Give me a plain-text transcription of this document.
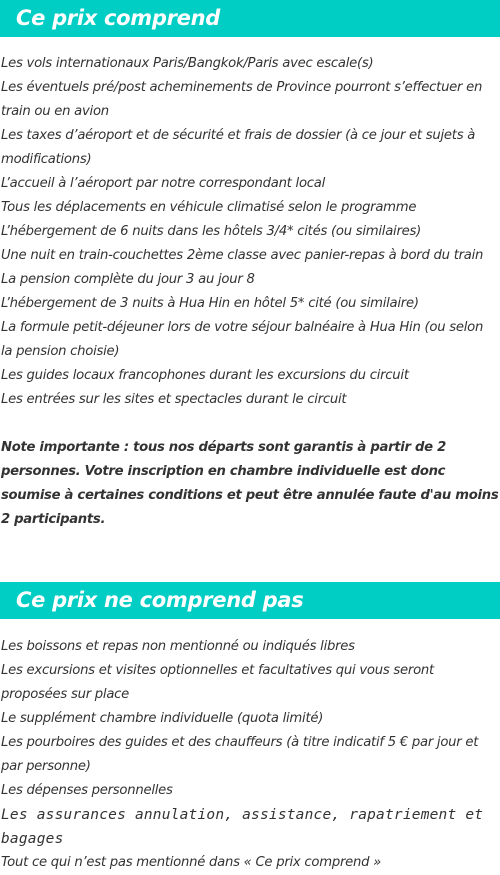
Ce prix comprend
Les vols internationaux Paris/Bangkok/Paris avec escale(s)
Les éventuels pré/post acheminements de Province pourront s’effectuer en train ou en avion
Les taxes d’aéroport et de sécurité et frais de dossier (à ce jour et sujets à modifications)
L’accueil à l’aéroport par notre correspondant local
Tous les déplacements en véhicule climatisé selon le programme
L’hébergement de 6 nuits dans les hôtels 3/4* cités (ou similaires)
Une nuit en train-couchettes 2ème classe avec panier-repas à bord du train
La pension complète du jour 3 au jour 8
L’hébergement de 3 nuits à Hua Hin en hôtel 5* cité (ou similaire)
La formule petit-déjeuner lors de votre séjour balnéaire à Hua Hin (ou selon la pension choisie)
Les guides locaux francophones durant les excursions du circuit
Les entrées sur les sites et spectacles durant le circuit

Note importante : tous nos départs sont garantis à partir de 2 personnes. Votre inscription en chambre individuelle est donc soumise à certaines conditions et peut être annulée faute d'au moins 2 participants.

Ce prix ne comprend pas
Les boissons et repas non mentionné ou indiqués libres
Les excursions et visites optionnelles et facultatives qui vous seront proposées sur place
Le supplément chambre individuelle (quota limité)
Les pourboires des guides et des chauffeurs (à titre indicatif 5 € par jour et par personne)
Les dépenses personnelles
Les assurances annulation, assistance, rapatriement et bagages
Tout ce qui n’est pas mentionné dans « Ce prix comprend »
